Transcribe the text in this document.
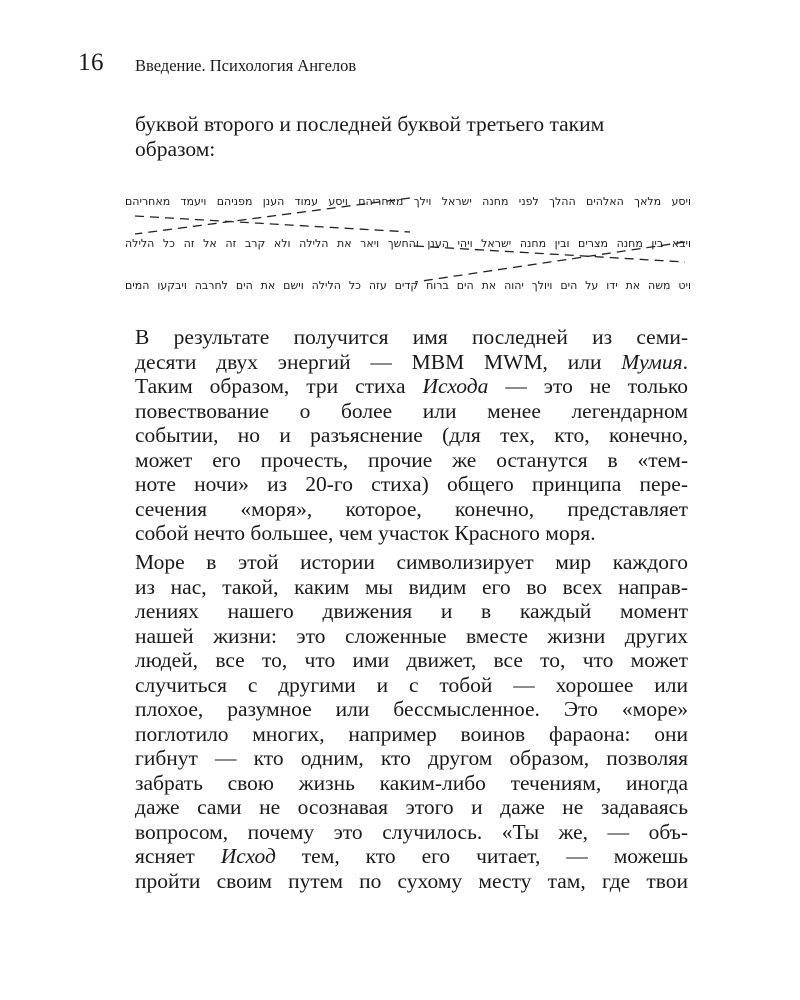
16 Введение. Психология Ангелов
буквой второго и последней буквой третьего таким
образом:
ויסע מלאך האלהים ההלך לפני מחנה ישראל וילך מאחריהם ויסע עמוד הענן מפניהם ויעמד מאחריהם
ויבא בין מחנה מצרים ובין מחנה ישראל ויהי הענן והחשך ויאר את הלילה ולא קרב זה אל זה כל הלילה
ויט משה את ידו על הים ויולך יהוה את הים ברוח קדים עזה כל הלילה וישם את הים לחרבה ויבקעו המים
В результате получится имя последней из семи-
десяти двух энергий — MBM MWM, или Мумия.
Таким образом, три стиха Исхода — это не только
повествование о более или менее легендарном
событии, но и разъяснение (для тех, кто, конечно,
может его прочесть, прочие же останутся в «тем-
ноте ночи» из 20-го стиха) общего принципа пере-
сечения «моря», которое, конечно, представляет
собой нечто большее, чем участок Красного моря.
Море в этой истории символизирует мир каждого
из нас, такой, каким мы видим его во всех направ-
лениях нашего движения и в каждый момент
нашей жизни: это сложенные вместе жизни других
людей, все то, что ими движет, все то, что может
случиться с другими и с тобой — хорошее или
плохое, разумное или бессмысленное. Это «море»
поглотило многих, например воинов фараона: они
гибнут — кто одним, кто другом образом, позволяя
забрать свою жизнь каким-либо течениям, иногда
даже сами не осознавая этого и даже не задаваясь
вопросом, почему это случилось. «Ты же, — объ-
ясняет Исход тем, кто его читает, — можешь
пройти своим путем по сухому месту там, где твои
